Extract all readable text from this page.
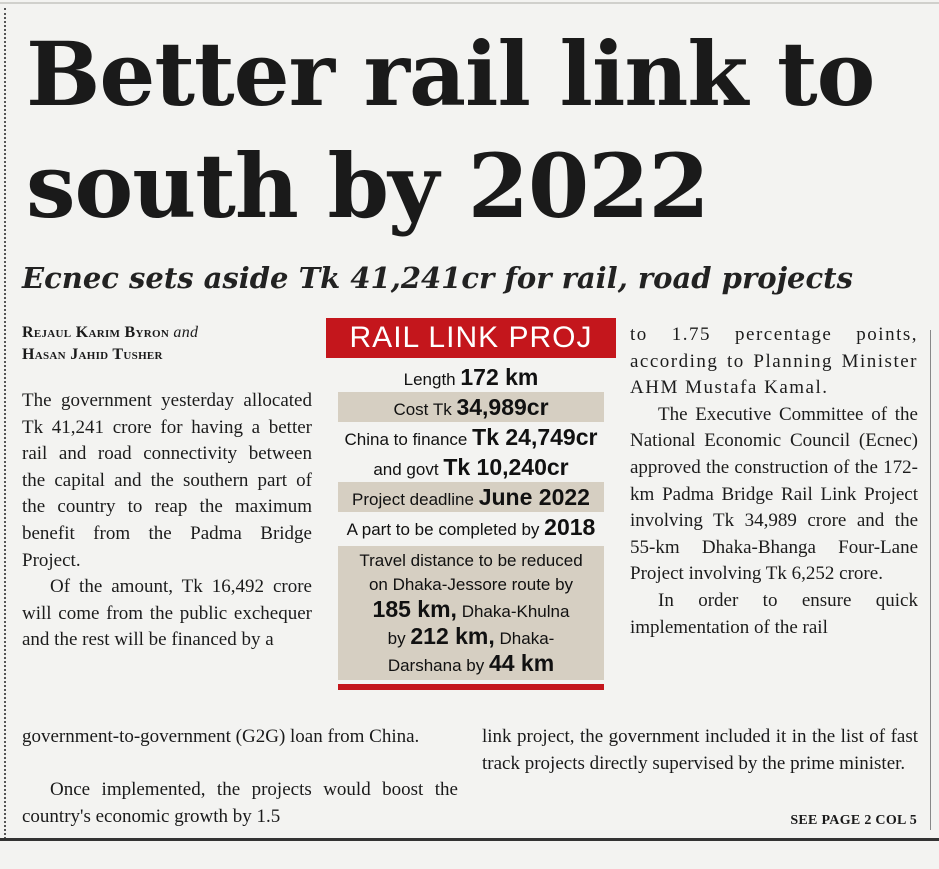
Better rail link to
south by 2022
Ecnec sets aside Tk 41,241cr for rail, road projects
Rejaul Karim Byron and
Hasan Jahid Tusher

The government yesterday allocated Tk 41,241 crore for having a better rail and road connectivity between the capital and the southern part of the country to reap the maximum benefit from the Padma Bridge Project.

Of the amount, Tk 16,492 crore will come from the public exchequer and the rest will be financed by a

government-to-government (G2G) loan from China.
Once implemented, the projects would boost the country's economic growth by 1.5
RAIL LINK PROJ
Length 172 km
Cost Tk 34,989cr
China to finance Tk 24,749cr
and govt Tk 10,240cr
Project deadline June 2022
A part to be completed by 2018
Travel distance to be reduced
on Dhaka-Jessore route by
185 km, Dhaka-Khulna
by 212 km, Dhaka-
Darshana by 44 km

to 1.75 percentage points, according to Planning Minister AHM Mustafa Kamal.

The Executive Committee of the National Economic Council (Ecnec) approved the construction of the 172-km Padma Bridge Rail Link Project involving Tk 34,989 crore and the 55-km Dhaka-Bhanga Four-Lane Project involving Tk 6,252 crore.

In order to ensure quick implementation of the rail

link project, the government included it in the list of fast track projects directly supervised by the prime minister.
SEE PAGE 2 COL 5
